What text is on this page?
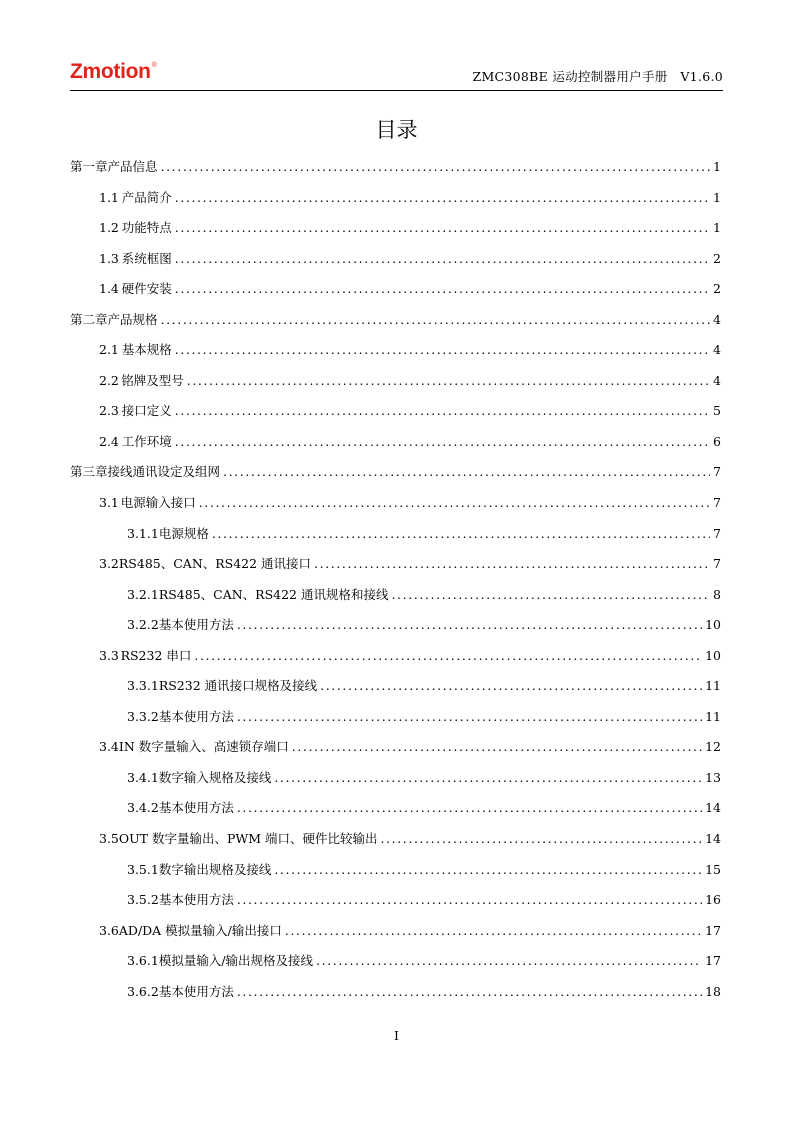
Zmotion®
ZMC308BE 运动控制器用户手册　V1.6.0
目录
第一章 产品信息 .....	1
1.1 产品简介 .....	1
1.2 功能特点 .....	1
1.3 系统框图 .....	2
1.4 硬件安装 .....	2
第二章 产品规格 .....	4
2.1 基本规格 .....	4
2.2 铭牌及型号 .....	4
2.3 接口定义 .....	5
2.4 工作环境 .....	6
第三章 接线通讯设定及组网 .....	7
3.1 电源输入接口 .....	7
3.1.1 电源规格 .....	7
3.2 RS485、CAN、RS422 通讯接口 .....	7
3.2.1 RS485、CAN、RS422 通讯规格和接线 .....	8
3.2.2 基本使用方法 .....	10
3.3 RS232 串口 .....	10
3.3.1 RS232 通讯接口规格及接线 .....	11
3.3.2 基本使用方法 .....	11
3.4 IN 数字量输入、高速锁存端口 .....	12
3.4.1 数字输入规格及接线 .....	13
3.4.2 基本使用方法 .....	14
3.5 OUT 数字量输出、PWM 端口、硬件比较输出 .....	14
3.5.1 数字输出规格及接线 .....	15
3.5.2 基本使用方法 .....	16
3.6 AD/DA 模拟量输入/输出接口 .....	17
3.6.1 模拟量输入/输出规格及接线 .....	17
3.6.2 基本使用方法 .....	18
I
